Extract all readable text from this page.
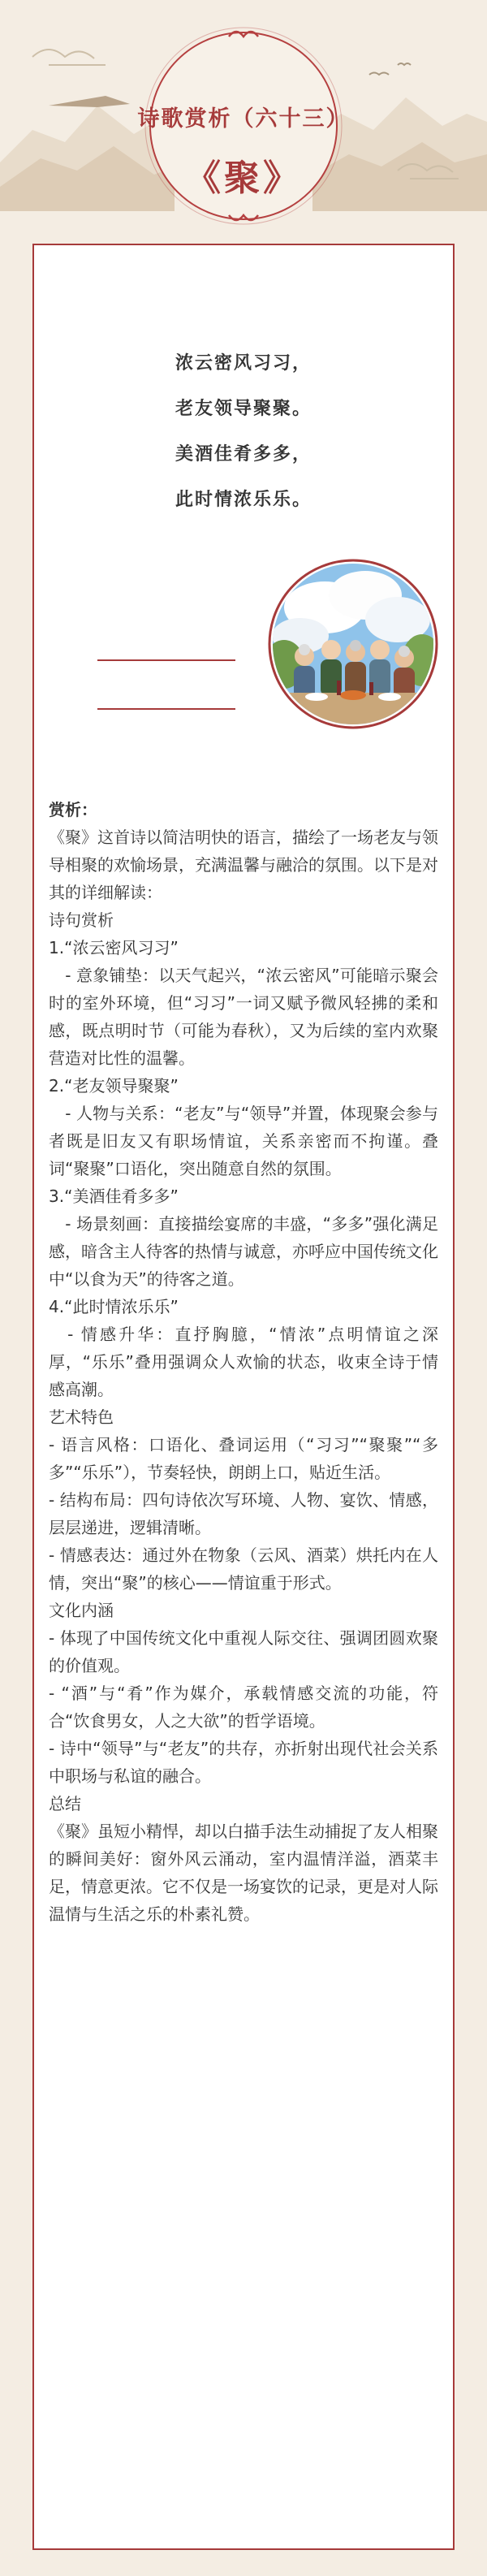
诗歌赏析（六十三）
《聚》
浓云密风习习，
老友领导聚聚。
美酒佳肴多多，
此时情浓乐乐。
赏析：
《聚》这首诗以简洁明快的语言，描绘了一场老友与领导相聚的欢愉场景，充满温馨与融洽的氛围。以下是对其的详细解读：
诗句赏析
1.“浓云密风习习”
　- 意象铺垫：以天气起兴，“浓云密风”可能暗示聚会时的室外环境，但“习习”一词又赋予微风轻拂的柔和感，既点明时节（可能为春秋），又为后续的室内欢聚营造对比性的温馨。
2.“老友领导聚聚”
　- 人物与关系：“老友”与“领导”并置，体现聚会参与者既是旧友又有职场情谊，关系亲密而不拘谨。叠词“聚聚”口语化，突出随意自然的氛围。
3.“美酒佳肴多多”
　- 场景刻画：直接描绘宴席的丰盛，“多多”强化满足感，暗含主人待客的热情与诚意，亦呼应中国传统文化中“以食为天”的待客之道。
4.“此时情浓乐乐”
　- 情感升华：直抒胸臆，“情浓”点明情谊之深厚，“乐乐”叠用强调众人欢愉的状态，收束全诗于情感高潮。
艺术特色
- 语言风格：口语化、叠词运用（“习习”“聚聚”“多多”“乐乐”），节奏轻快，朗朗上口，贴近生活。
- 结构布局：四句诗依次写环境、人物、宴饮、情感，层层递进，逻辑清晰。
- 情感表达：通过外在物象（云风、酒菜）烘托内在人情，突出“聚”的核心——情谊重于形式。
文化内涵
- 体现了中国传统文化中重视人际交往、强调团圆欢聚的价值观。
- “酒”与“肴”作为媒介，承载情感交流的功能，符合“饮食男女，人之大欲”的哲学语境。
- 诗中“领导”与“老友”的共存，亦折射出现代社会关系中职场与私谊的融合。
总结
《聚》虽短小精悍，却以白描手法生动捕捉了友人相聚的瞬间美好：窗外风云涌动，室内温情洋溢，酒菜丰足，情意更浓。它不仅是一场宴饮的记录，更是对人际温情与生活之乐的朴素礼赞。
